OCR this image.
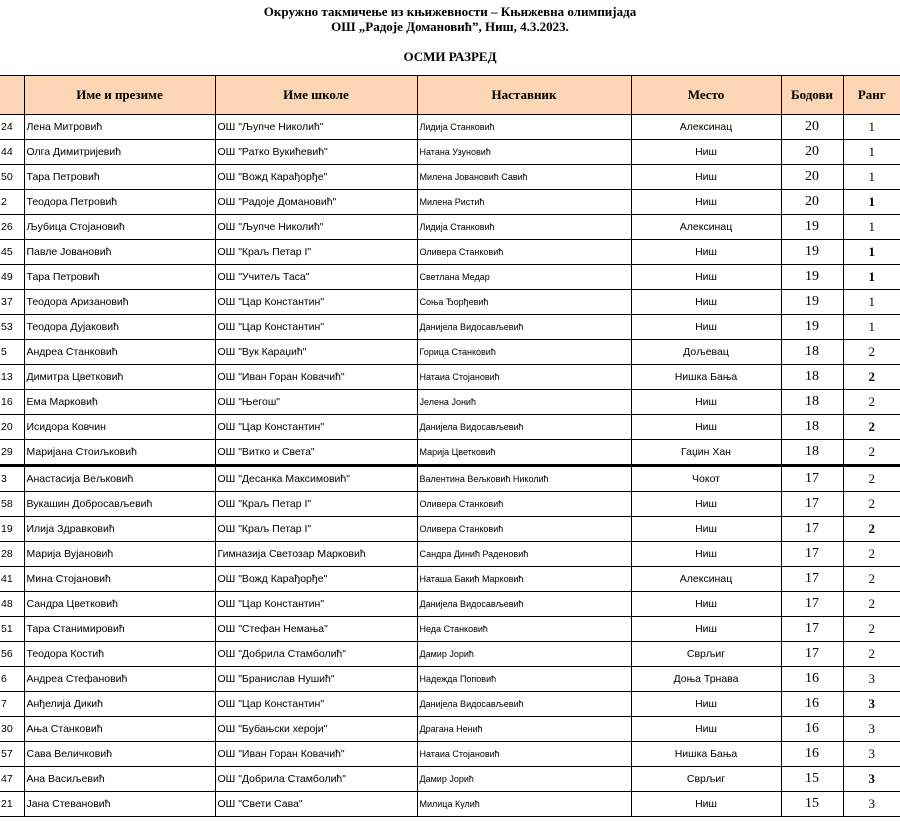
Окружно такмичење из књижевности – Књижевна олимпијада
ОШ „Радоје Домановић”, Ниш, 4.3.2023.
ОСМИ РАЗРЕД
	Име и презиме	Име школе	Наставник	Место	Бодови	Ранг
24	Лена Митровић	ОШ "Љупче Николић"	Лидија Станковић	Алексинац	20	1
44	Олга Димитријевић	ОШ "Ратко Вукићевић"	Натана Узуновић	Ниш	20	1
50	Тара Петровић	ОШ "Вожд Карађорђе"	Милена Јовановић Савић	Ниш	20	1
2	Теодора Петровић	ОШ "Радоје Домановић"	Милена Ристић	Ниш	20	1
26	Љубица Стојановић	ОШ "Љупче Николић"	Лидија Станковић	Алексинац	19	1
45	Павле Јовановић	ОШ "Краљ Петар I"	Оливера Станковић	Ниш	19	1
49	Тара Петровић	ОШ "Учитељ Таса"	Светлана Медар	Ниш	19	1
37	Теодора Аризановић	ОШ "Цар Константин"	Соња Ђорђевић	Ниш	19	1
53	Теодора Дујаковић	ОШ "Цар Константин"	Данијела Видосављевић	Ниш	19	1
5	Андреа Станковић	ОШ "Вук Караџић"	Горица Станковић	Дољевац	18	2
13	Димитра Цветковић	ОШ "Иван Горан Ковачић"	Натаиа Стојановић	Нишка Бања	18	2
16	Ема Марковић	ОШ "Његош"	Јелена Јонић	Ниш	18	2
20	Исидора Ковчин	ОШ "Цар Константин"	Данијела Видосављевић	Ниш	18	2
29	Маријана Стоиљковић	ОШ "Витко и Света"	Марија Цветковић	Гаџин Хан	18	2
3	Анастасија Вељковић	ОШ "Десанка Максимовић"	Валентина Вељковић Николић	Чокот	17	2
58	Вукашин Добросављевић	ОШ "Краљ Петар I"	Оливера Станковић	Ниш	17	2
19	Илија Здравковић	ОШ "Краљ Петар I"	Оливера Станковић	Ниш	17	2
28	Марија Вујановић	Гимназија Светозар Марковић	Сандра Динић Раденовић	Ниш	17	2
41	Мина Стојановић	ОШ "Вожд Карађорђе"	Наташа Бакић Марковић	Алексинац	17	2
48	Сандра Цветковић	ОШ "Цар Константин"	Данијела Видосављевић	Ниш	17	2
51	Тара Станимировић	ОШ "Стефан Немања"	Неда Станковић	Ниш	17	2
56	Теодора Костић	ОШ "Добрила Стамболић"	Дамир Јорић	Сврљиг	17	2
6	Андреа Стефановић	ОШ "Бранислав Нушић"	Надежда Поповић	Доња Трнава	16	3
7	Анђелија Дикић	ОШ "Цар Константин"	Данијела Видосављевић	Ниш	16	3
30	Ања Станковић	ОШ "Бубањски хероји"	Драгана Ненић	Ниш	16	3
57	Сава Величковић	ОШ "Иван Горан Ковачић"	Натаиа Стојановић	Нишка Бања	16	3
47	Ана Васиљевић	ОШ "Добрила Стамболић"	Дамир Јорић	Сврљиг	15	3
21	Јана Стевановић	ОШ "Свети Сава"	Милица Кулић	Ниш	15	3
